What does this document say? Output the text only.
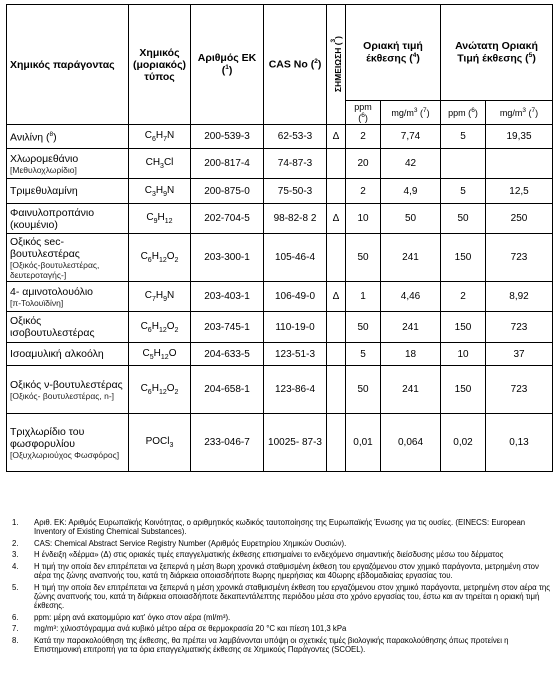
Χημικός παράγοντας	Χημικός
(μοριακός)
τύπος	Αριθμός ΕΚ ($^1$)	CAS No ($^2$)	ΣΗΜΕΙΩΣΗ ($^3$)	Οριακή τιμή έκθεσης ($^4$)		Ανώτατη Οριακή Τιμή έκθεσης ($^5$)	
					ppm ($^6$)	$mg/m^3$ ($^7$)	ppm ($^6$)	$mg/m^3$ ($^7$)
Ανιλίνη ($^8$)	$C_6H_7N$	200-539-3	62-53-3	Δ	2	7,74	5	19,35
Χλωρομεθάνιο
[Μεθυλοχλωρίδιο]	$CH_3Cl$	200-817-4	74-87-3		20	42		
Τριμεθυλαμίνη	$C_3H_9N$	200-875-0	75-50-3		2	4,9	5	12,5
Φαινυλοπροπάνιο (κουμένιο)	$C_9H_{12}$	202-704-5	98-82-8 2	Δ	10	50	50	250
Οξικός sec-βουτυλεστέρας
[Οξικός-βουτυλεστέρας, δευτεροταγής-]	$C_6H_{12}O_2$	203-300-1	105-46-4		50	241	150	723
4- αμινοτολουόλιο
[π-Τολουϊδίνη]	$C_7H_9N$	203-403-1	106-49-0	Δ	1	4,46	2	8,92
Οξικός ισοβουτυλεστέρας	$C_6H_{12}O_2$	203-745-1	110-19-0		50	241	150	723
Ισοαμυλική αλκοόλη	$C_5H_{12}O$	204-633-5	123-51-3		5	18	10	37
Οξικός ν-βουτυλεστέρας
[Οξικός- βουτυλεστέρας, n-]	$C_6H_{12}O_2$	204-658-1	123-86-4		50	241	150	723
Τριχλωρίδιο του φωσφορυλίου
[Οξυχλωριούχος Φωσφόρος]	POCl$_3$	233-046-7	10025- 87-3		0,01	0,064	0,02	0,13
1.	Αριθ. ΕΚ: Αριθμός Ευρωπαϊκής Κοινότητας, ο αριθμητικός κωδικός ταυτοποίησης της Ευρωπαϊκής Ένωσης για τις ουσίες. (EINECS: European Inventory of Existing Chemical Substances).
2.	CAS: Chemical Abstract Service Registry Number (Αριθμός Ευρετηρίου Χημικών Ουσιών).
3.	Η ένδειξη «δέρμα» (Δ) στις οριακές τιμές επαγγελματικής έκθεσης επισημαίνει το ενδεχόμενο σημαντικής διείσδυσης μέσω του δέρματος
4.	Η τιμή την οποία δεν επιτρέπεται να ξεπερνά η μέση 8ωρη χρονικά σταθμισμένη έκθεση του εργαζόμενου στον χημικό παράγοντα, μετρημένη στον αέρα της ζώνης αναπνοής του, κατά τη διάρκεια οποιασδήποτε 8ωρης ημερήσιας και 40ωρης εβδομαδιαίας εργασίας του.
5.	Η τιμή την οποία δεν επιτρέπεται να ξεπερνά η μέση χρονικά σταθμισμένη έκθεση του εργαζόμενου στον χημικό παράγοντα, μετρημένη στον αέρα της ζώνης αναπνοής του, κατά τη διάρκεια οποιασδήποτε δεκαπεντάλεπτης περιόδου μέσα στο χρόνο εργασίας του, έστω και αν τηρείται η οριακή τιμή έκθεσης.
6.	ppm: μέρη ανά εκατομμύριο κατ' όγκο στον αέρα (ml/m³).
7.	mg/m³: χιλιοστόγραμμα ανά κυβικό μέτρο αέρα σε θερμοκρασία 20 °C και πίεση 101,3 kPa
8.	Κατά την παρακολούθηση της έκθεσης, θα πρέπει να λαμβάνονται υπόψη οι σχετικές τιμές βιολογικής παρακολούθησης όπως προτείνει η Επιστημονική επιτροπή για τα όρια επαγγελματικής έκθεσης σε Χημικούς Παράγοντες (SCOEL).
